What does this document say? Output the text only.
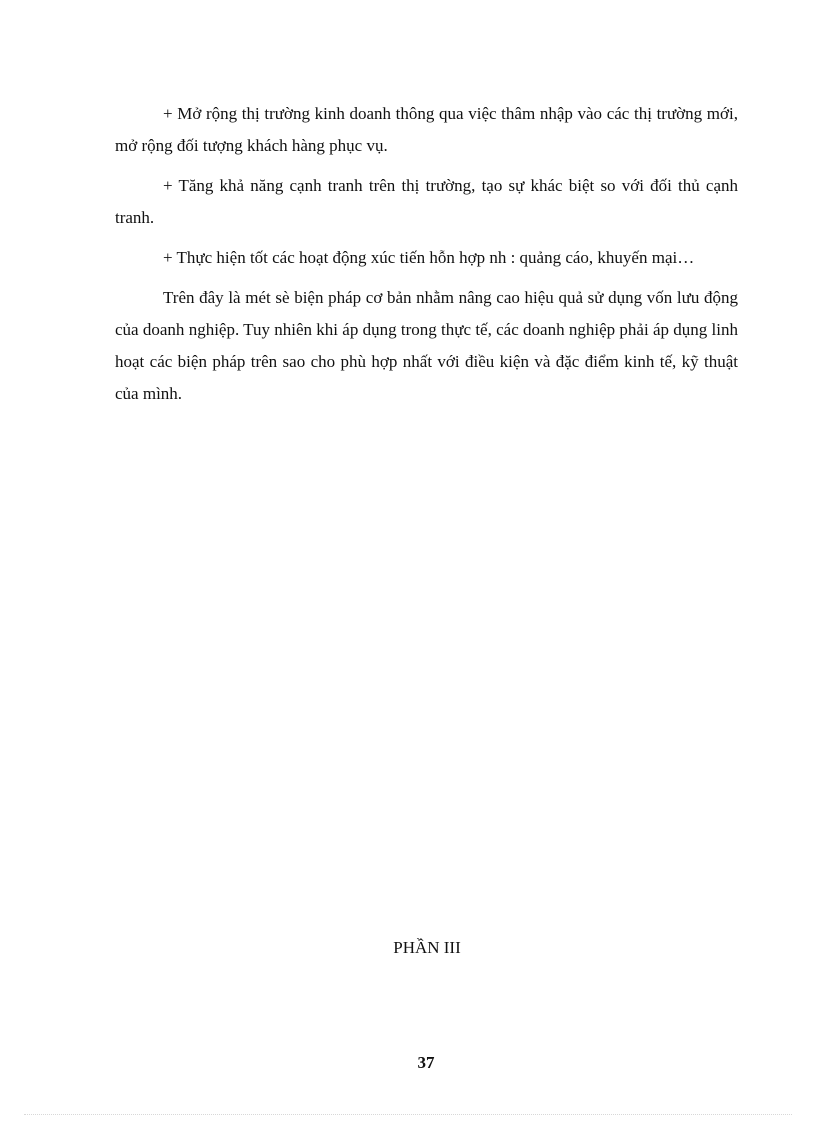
+ Mở rộng thị trường kinh doanh thông qua việc thâm nhập vào các thị trường mới, mở rộng đối tượng khách hàng phục vụ.

+ Tăng khả năng cạnh tranh trên thị trường, tạo sự khác biệt so với đối thủ cạnh tranh.

+ Thực hiện tốt các hoạt động xúc tiến hỗn hợp nh : quảng cáo, khuyến mại…

Trên đây là mét sè biện pháp cơ bản nhằm nâng cao hiệu quả sử dụng vốn lưu động của doanh nghiệp. Tuy nhiên khi áp dụng trong thực tế, các doanh nghiệp phải áp dụng linh hoạt các biện pháp trên sao cho phù hợp nhất với điều kiện và đặc điểm kinh tế, kỹ thuật của mình.

PHẦN III

37
